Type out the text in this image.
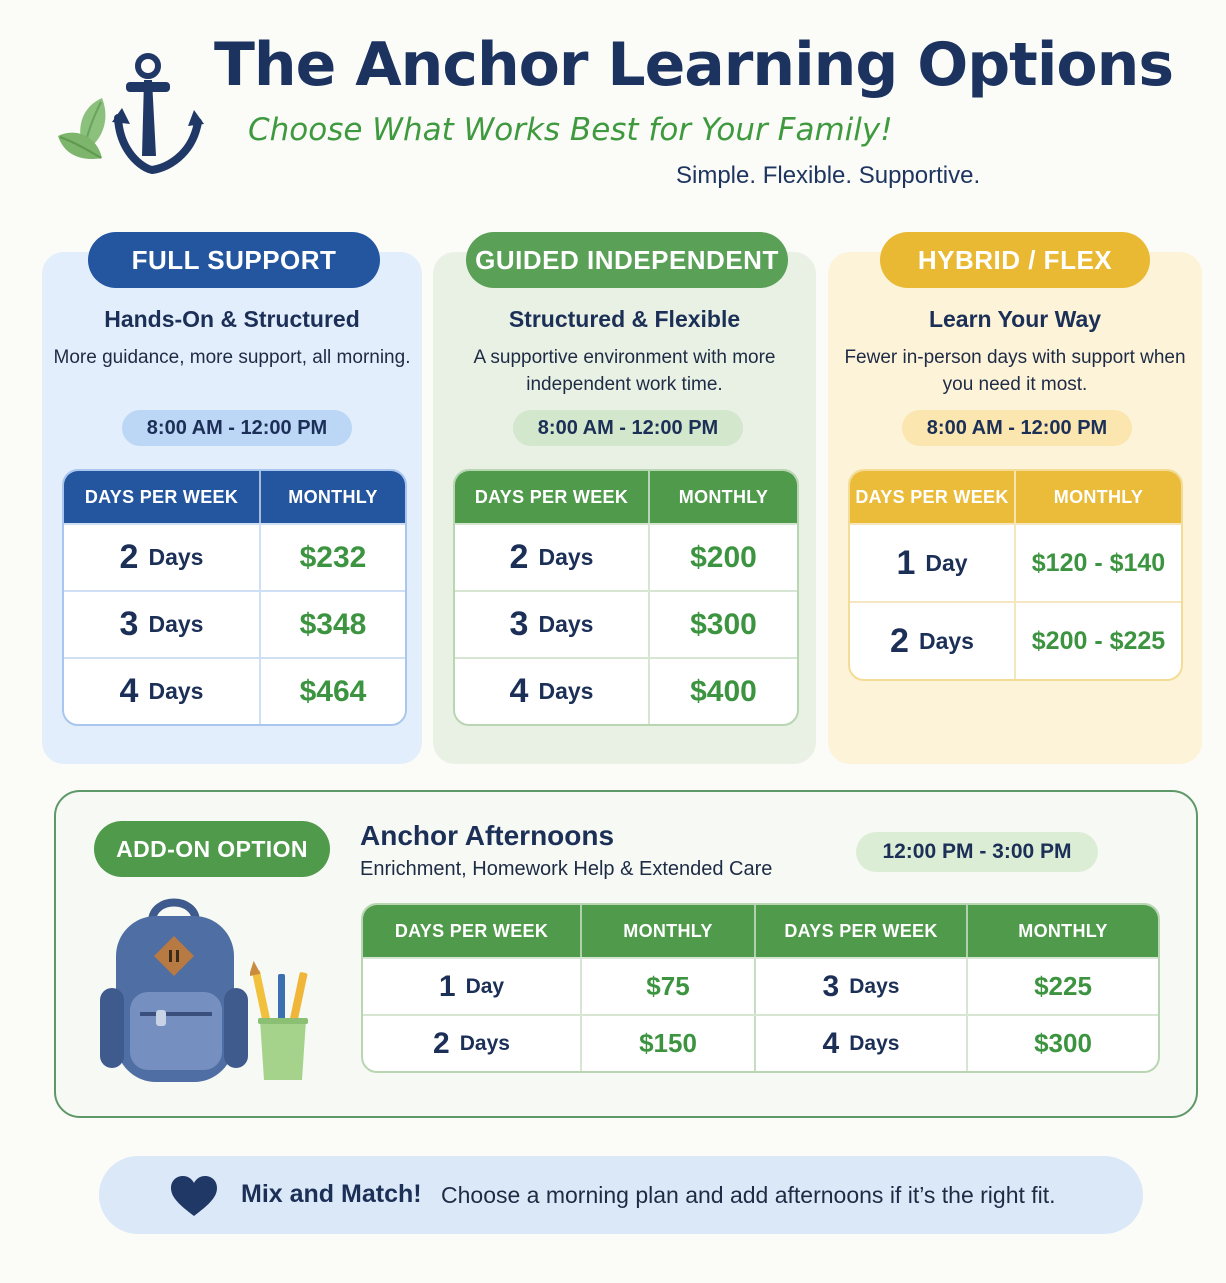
The Anchor Learning Options
Choose What Works Best for Your Family!
Simple. Flexible. Supportive.
FULL SUPPORT
Hands-On & Structured
More guidance, more support, all morning.
8:00 AM - 12:00 PM
DAYS PER WEEK	MONTHLY
2 Days	$232
3 Days	$348
4 Days	$464
GUIDED INDEPENDENT
Structured & Flexible
A supportive environment with more independent work time.
8:00 AM - 12:00 PM
DAYS PER WEEK	MONTHLY
2 Days	$200
3 Days	$300
4 Days	$400
HYBRID / FLEX
Learn Your Way
Fewer in-person days with support when you need it most.
8:00 AM - 12:00 PM
DAYS PER WEEK	MONTHLY
1 Day	$120 - $140
2 Days $200 - $225
ADD-ON OPTION	Anchor Afternoons
Enrichment, Homework Help & Extended Care
12:00 PM - 3:00 PM
DAYS PER WEEK	MONTHLY	DAYS PER WEEK	MONTHLY
1 Day	$75	3 Days	$225
2 Days	$150	4 Days	$300
Mix and Match! Choose a morning plan and add afternoons if it’s the right fit.
